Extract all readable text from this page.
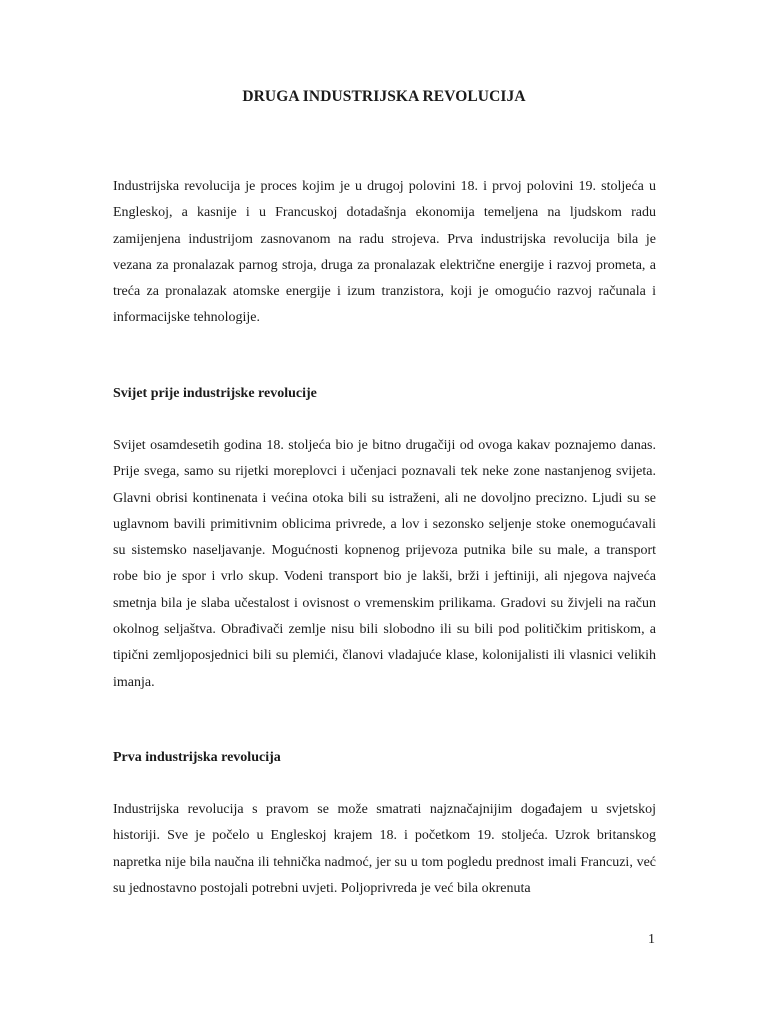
DRUGA INDUSTRIJSKA REVOLUCIJA

Industrijska revolucija je proces kojim je u drugoj polovini 18. i prvoj polovini 19. stoljeća u Engleskoj, a kasnije i u Francuskoj dotadašnja ekonomija temeljena na ljudskom radu zamijenjena industrijom zasnovanom na radu strojeva. Prva industrijska revolucija bila je vezana za pronalazak parnog stroja, druga za pronalazak električne energije i razvoj prometa, a treća za pronalazak atomske energije i izum tranzistora, koji je omogućio razvoj računala i informacijske tehnologije.

Svijet prije industrijske revolucije

Svijet osamdesetih godina 18. stoljeća bio je bitno drugačiji od ovoga kakav poznajemo danas. Prije svega, samo su rijetki moreplovci i učenjaci poznavali tek neke zone nastanjenog svijeta. Glavni obrisi kontinenata i većina otoka bili su istraženi, ali ne dovoljno precizno. Ljudi su se uglavnom bavili primitivnim oblicima privrede, a lov i sezonsko seljenje stoke onemogućavali su sistemsko naseljavanje. Mogućnosti kopnenog prijevoza putnika bile su male, a transport robe bio je spor i vrlo skup. Vodeni transport bio je lakši, brži i jeftiniji, ali njegova najveća smetnja bila je slaba učestalost i ovisnost o vremenskim prilikama. Gradovi su živjeli na račun okolnog seljaštva. Obrađivači zemlje nisu bili slobodno ili su bili pod političkim pritiskom, a tipični zemljoposjednici bili su plemići, članovi vladajuće klase, kolonijalisti ili vlasnici velikih imanja.

Prva industrijska revolucija

Industrijska revolucija s pravom se može smatrati najznačajnijim događajem u svjetskoj historiji. Sve je počelo u Engleskoj krajem 18. i početkom 19. stoljeća. Uzrok britanskog napretka nije bila naučna ili tehnička nadmoć, jer su u tom pogledu prednost imali Francuzi, već su jednostavno postojali potrebni uvjeti. Poljoprivreda je već bila okrenuta

1
